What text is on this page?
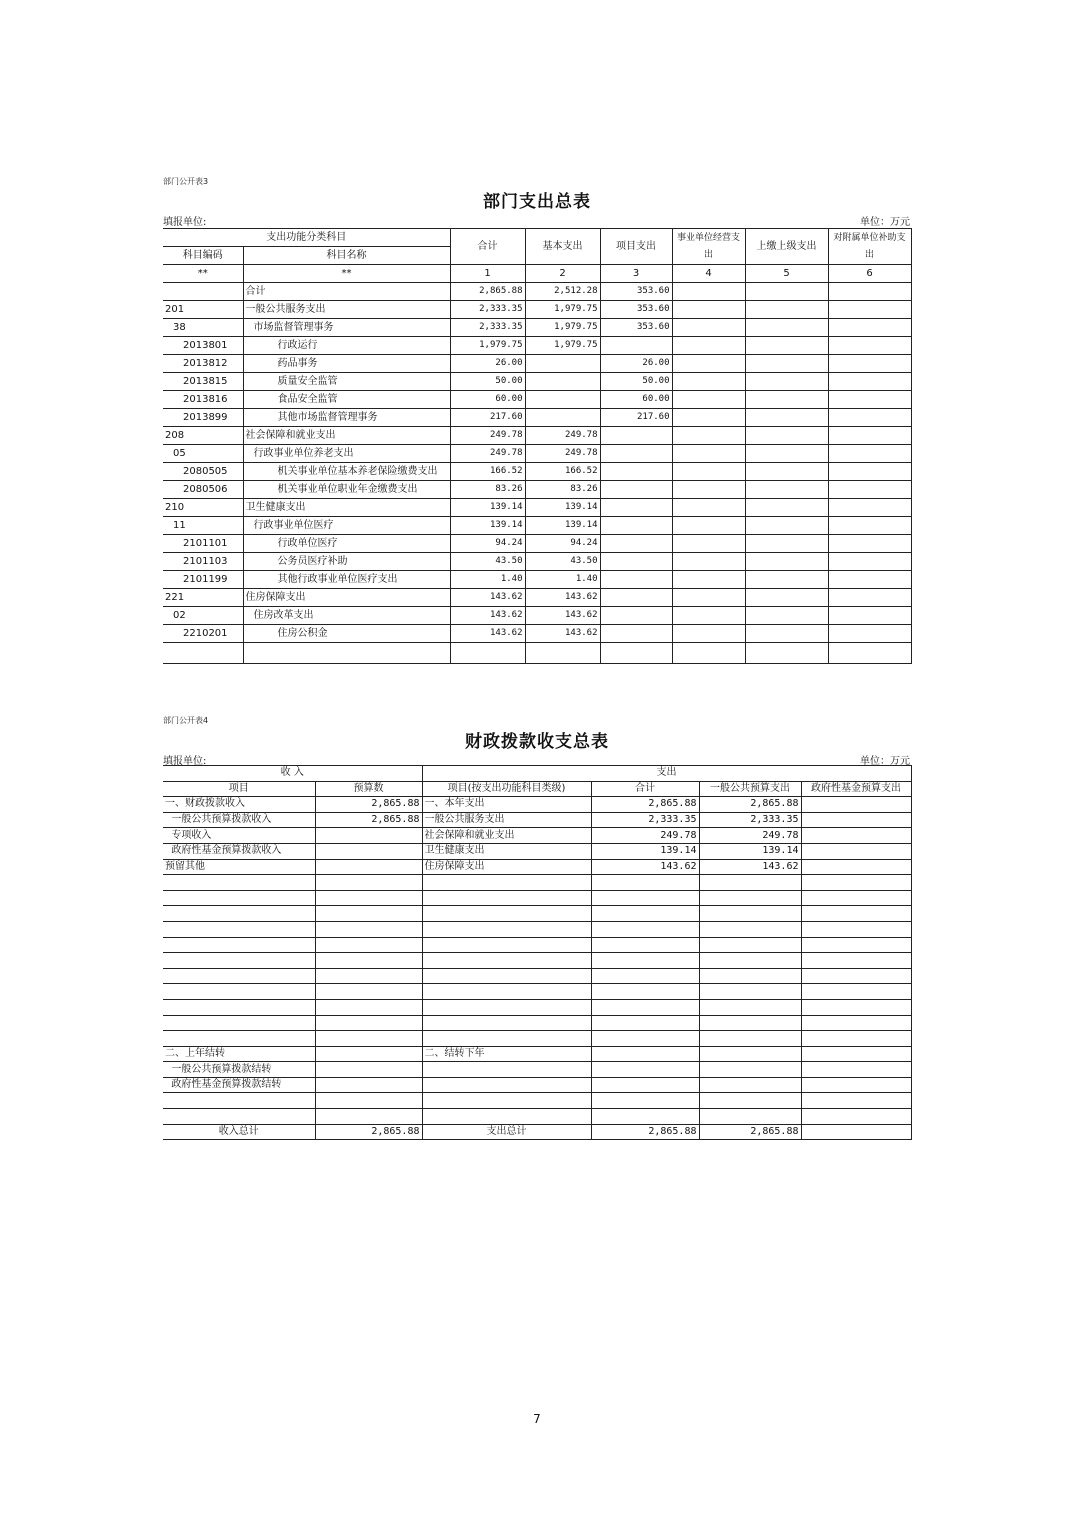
部门公开表3
部门支出总表
填报单位:	单位：万元
支出功能分类科目		合计	基本支出	项目支出	事业单位经营支出	上缴上级支出	对附属单位补助支出
科目编码	科目名称						
**	**	1	2	3	4	5	6
	合计	2,865.88	2,512.28	353.60			
201	一般公共服务支出	2,333.35	1,979.75	353.60			
38	市场监督管理事务	2,333.35	1,979.75	353.60			
2013801	行政运行	1,979.75	1,979.75				
2013812	药品事务	26.00		26.00			
2013815	质量安全监管	50.00		50.00			
2013816	食品安全监管	60.00		60.00			
2013899	其他市场监督管理事务	217.60		217.60			
208	社会保障和就业支出	249.78	249.78				
05	行政事业单位养老支出	249.78	249.78				
2080505	机关事业单位基本养老保险缴费支出	166.52	166.52				
2080506	机关事业单位职业年金缴费支出	83.26	83.26				
210	卫生健康支出	139.14	139.14				
11	行政事业单位医疗	139.14	139.14				
2101101	行政单位医疗	94.24	94.24				
2101103	公务员医疗补助	43.50	43.50				
2101199	其他行政事业单位医疗支出	1.40	1.40				
221	住房保障支出	143.62	143.62				
02	住房改革支出	143.62	143.62				
2210201	住房公积金	143.62	143.62				

部门公开表4
财政拨款收支总表
填报单位:	单位：万元
收 入		支出			
项目	预算数	项目(按支出功能科目类级)	合计	一般公共预算支出	政府性基金预算支出
一、财政拨款收入	2,865.88	一、本年支出	2,865.88	2,865.88	
一般公共预算拨款收入	2,865.88	一般公共服务支出	2,333.35	2,333.35	
专项收入		社会保障和就业支出	249.78	249.78	
政府性基金预算拨款收入		卫生健康支出	139.14	139.14	
预留其他		住房保障支出	143.62	143.62	

二、上年结转		二、结转下年			
一般公共预算拨款结转					
政府性基金预算拨款结转					

收入总计	2,865.88	支出总计	2,865.88	2,865.88	
7
